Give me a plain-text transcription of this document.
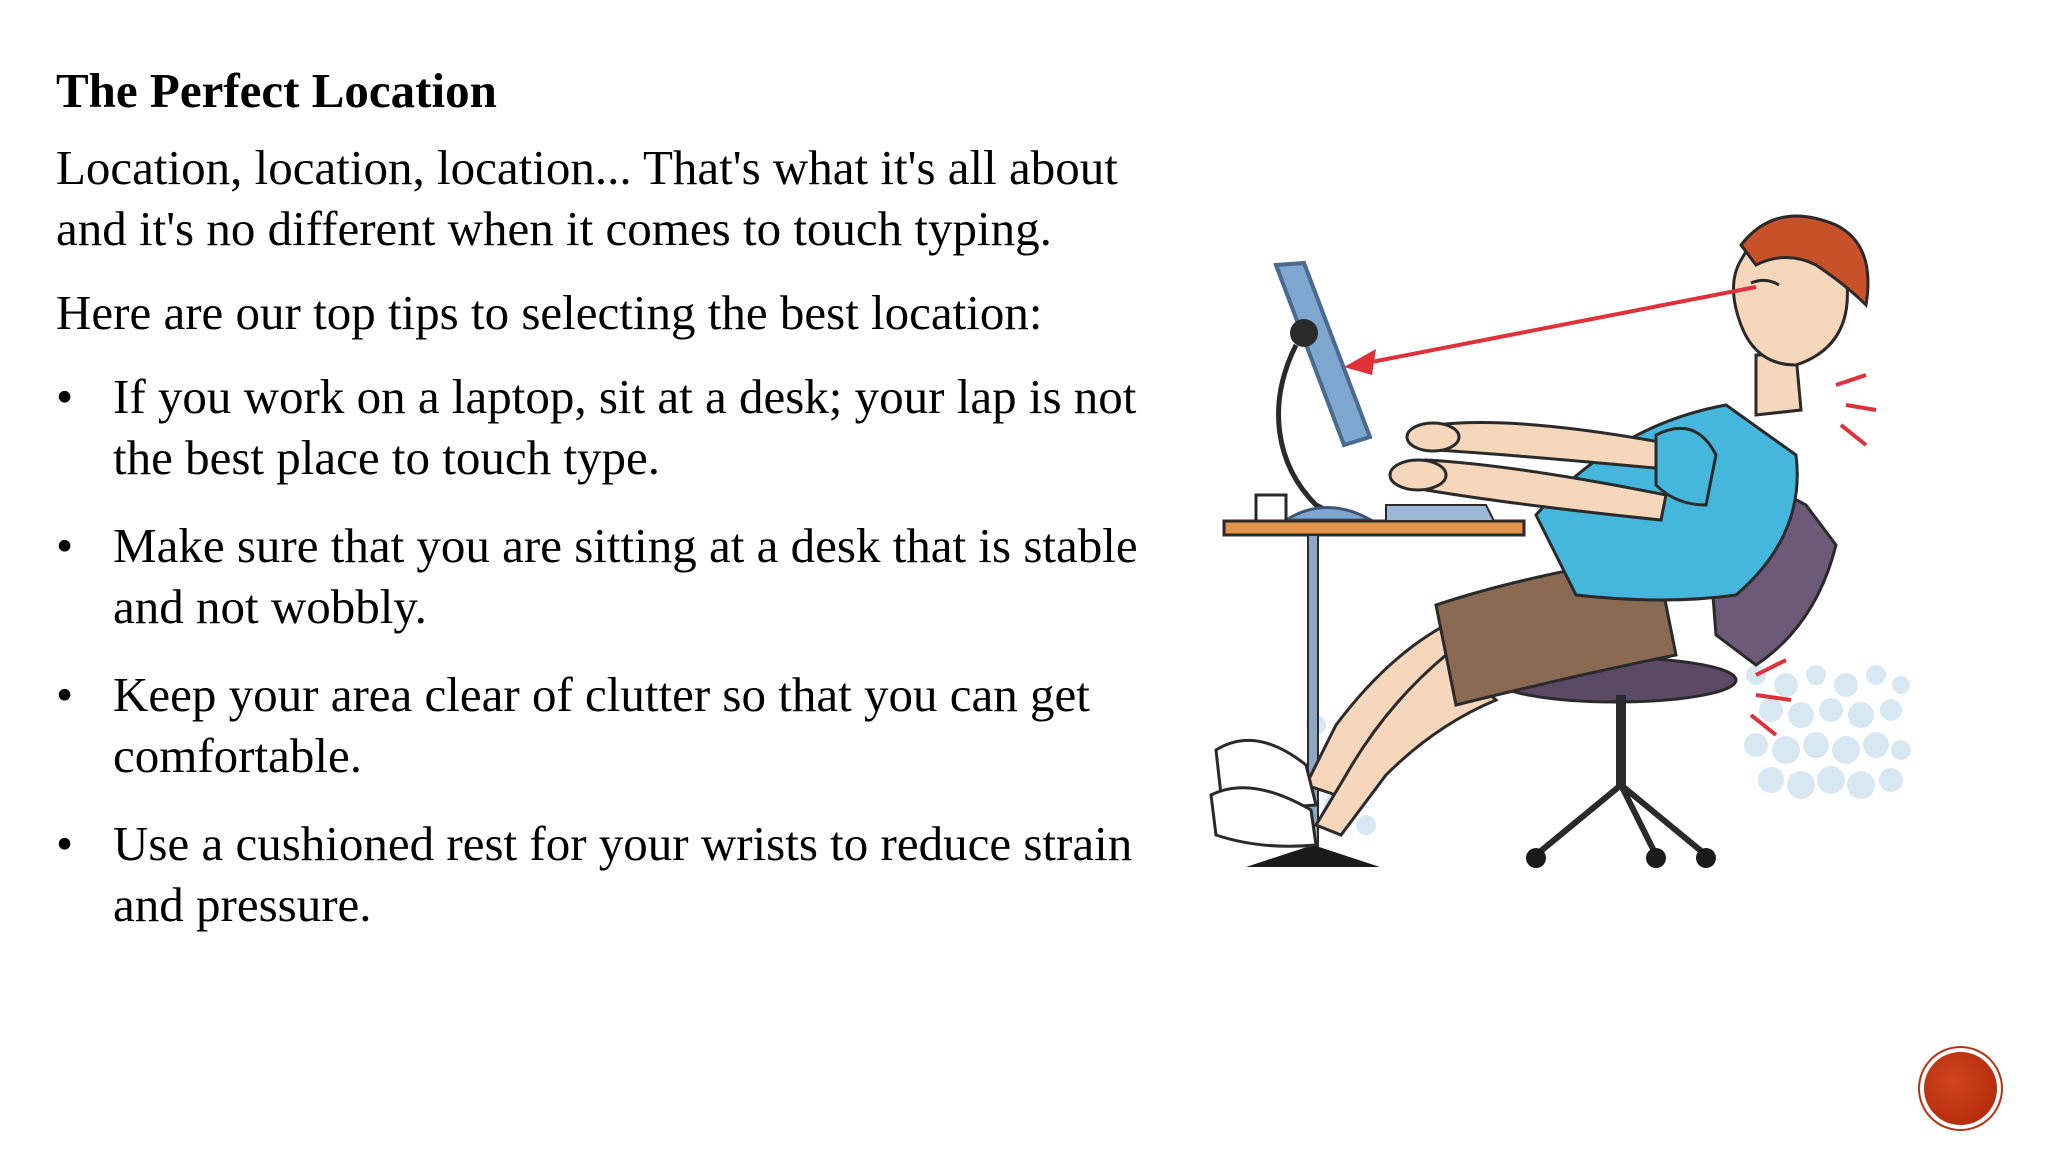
The Perfect Location

Location, location, location... That's what it's all about and it's no different when it comes to touch typing.

Here are our top tips to selecting the best location:

• If you work on a laptop, sit at a desk; your lap is not the best place to touch type.
• Make sure that you are sitting at a desk that is stable and not wobbly.
• Keep your area clear of clutter so that you can get comfortable.
• Use a cushioned rest for your wrists to reduce strain and pressure.
